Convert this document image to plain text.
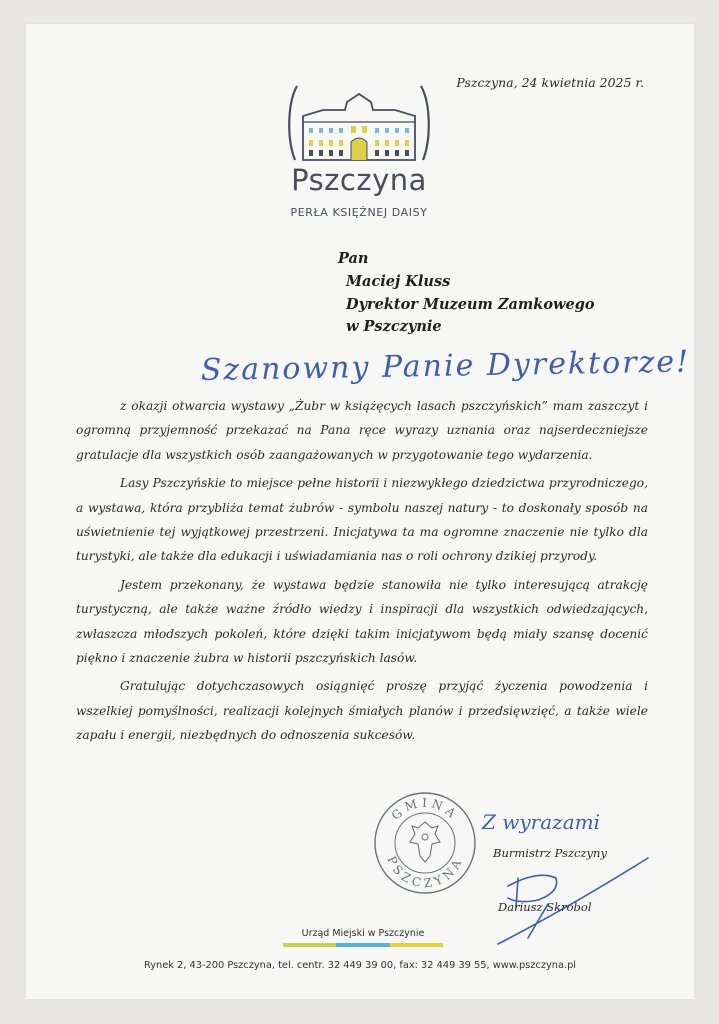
Pszczyna, 24 kwietnia 2025 r.
Pszczyna
PERŁA KSIĘŻNEJ DAISY
Pan
Maciej Kluss
Dyrektor Muzeum Zamkowego
w Pszczynie
Szanowny Panie Dyrektorze!

z okazji otwarcia wystawy „Żubr w książęcych lasach pszczyńskich” mam zaszczyt i ogromną przyjemność przekazać na Pana ręce wyrazy uznania oraz najserdeczniejsze gratulacje dla wszystkich osób zaangażowanych w przygotowanie tego wydarzenia.

Lasy Pszczyńskie to miejsce pełne historii i niezwykłego dziedzictwa przyrodniczego, a wystawa, która przybliża temat żubrów - symbolu naszej natury - to doskonały sposób na uświetnienie tej wyjątkowej przestrzeni. Inicjatywa ta ma ogromne znaczenie nie tylko dla turystyki, ale także dla edukacji i uświadamiania nas o roli ochrony dzikiej przyrody.

Jestem przekonany, że wystawa będzie stanowiła nie tylko interesującą atrakcję turystyczną, ale także ważne źródło wiedzy i inspiracji dla wszystkich odwiedzających, zwłaszcza młodszych pokoleń, które dzięki takim inicjatywom będą miały szansę docenić piękno i znaczenie żubra w historii pszczyńskich lasów.

Gratulując dotychczasowych osiągnięć proszę przyjąć życzenia powodzenia i wszelkiej pomyślności, realizacji kolejnych śmiałych planów i przedsięwzięć, a także wiele zapału i energii, niezbędnych do odnoszenia sukcesów.

GMINA
PSZCZYNA
Z wyrazami
Burmistrz Pszczyny
Dariusz Skrobol
Urząd Miejski w Pszczynie
Rynek 2, 43-200 Pszczyna, tel. centr. 32 449 39 00, fax: 32 449 39 55, www.pszczyna.pl
